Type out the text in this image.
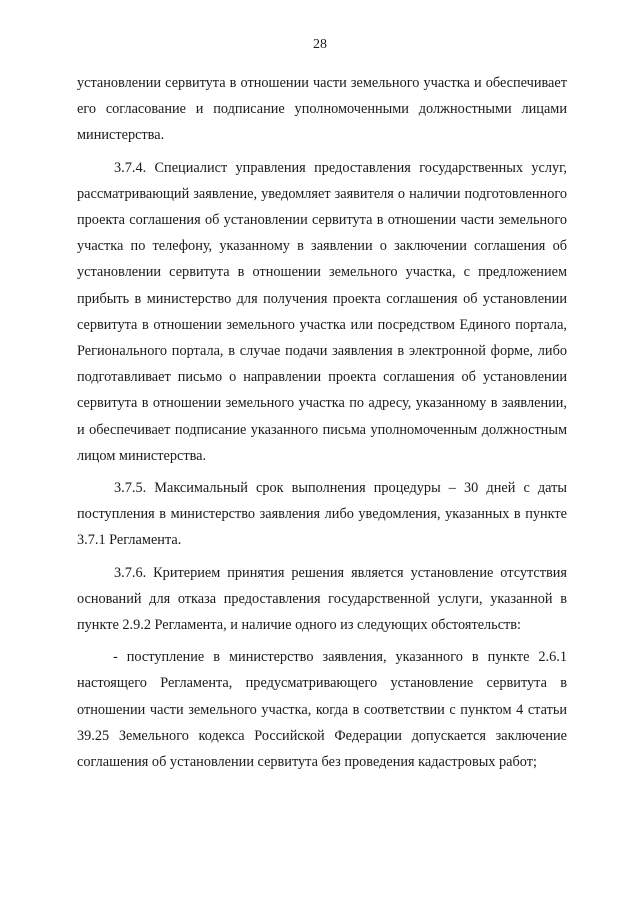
28

установлении сервитута в отношении части земельного участка и обеспечивает его согласование и подписание уполномоченными должностными лицами министерства.

3.7.4. Специалист управления предоставления государственных услуг, рассматривающий заявление, уведомляет заявителя о наличии подготовленного проекта соглашения об установлении сервитута в отношении части земельного участка по телефону, указанному в заявлении о заключении соглашения об установлении сервитута в отношении земельного участка, с предложением прибыть в министерство для получения проекта соглашения об установлении сервитута в отношении земельного участка или посредством Единого портала, Регионального портала, в случае подачи заявления в электронной форме, либо подготавливает письмо о направлении проекта соглашения об установлении сервитута в отношении земельного участка по адресу, указанному в заявлении, и обеспечивает подписание указанного письма уполномоченным должностным лицом министерства.

3.7.5. Максимальный срок выполнения процедуры – 30 дней с даты поступления в министерство заявления либо уведомления, указанных в пункте 3.7.1 Регламента.

3.7.6. Критерием принятия решения является установление отсутствия оснований для отказа предоставления государственной услуги, указанной в пункте 2.9.2 Регламента, и наличие одного из следующих обстоятельств:

- поступление в министерство заявления, указанного в пункте 2.6.1 настоящего Регламента, предусматривающего установление сервитута в отношении части земельного участка, когда в соответствии с пунктом 4 статьи 39.25 Земельного кодекса Российской Федерации допускается заключение соглашения об установлении сервитута без проведения кадастровых работ;
